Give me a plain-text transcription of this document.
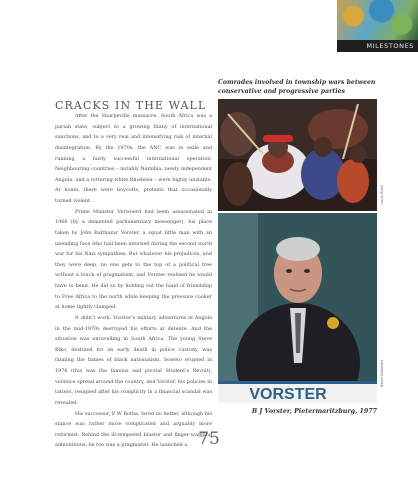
MILESTONES
Comrades involved in township wars between conservative and progressive parties
CRACKS IN THE WALL

After the Sharpeville massacre, South Africa was a pariah state, subject to a growing litany of international sanctions, and to a very real and intensifying risk of internal disintegration. By the 1970s, the ANC was in exile and running a fairly successful international operation. Neighbouring countries – notably Namibia, newly independent Angola, and a tottering white Rhodesia – were highly unstable. At home, there were boycotts, protests that occasionally turned violent.

Prime Minister Verwoerd had been assassinated in 1966 (by a demented parliamentary messenger), his place taken by John Balthazar Vorster, a squat little man with an unending face who had been interned during the second world war for his Nazi sympathies. But whatever his prejudices, and they were deep, no one gets to the top of a political tree without a touch of pragmatism, and Vorster realised he would have to bend. He did so by holding out the hand of friendship to Free Africa to the north while keeping the pressure cooker at home tightly clamped.

It didn’t work. Vorster’s military adventures in Angola in the mid-1970s destroyed his efforts at détente. And the situation was unravelling in South Africa. The young Steve Biko, destined for an early death in police custody, was fanning the flames of black nationalism. Soweto erupted in 1976 (this was the famous and pivotal Student’s Revolt), violence spread around the country, and Vorster, his policies in tatters, resigned after his complicity in a financial scandal was revealed.

His successor, P W Botha, fared no better, although his stance was rather more complicated and arguably more reformist. Behind the ill-tempered bluster and finger-wagging admonitions, he too was a pragmatist. He launched a

Louis Gubb
VORSTER
David Goldblatt
B J Vorster, Pietermaritzburg, 1977
75
